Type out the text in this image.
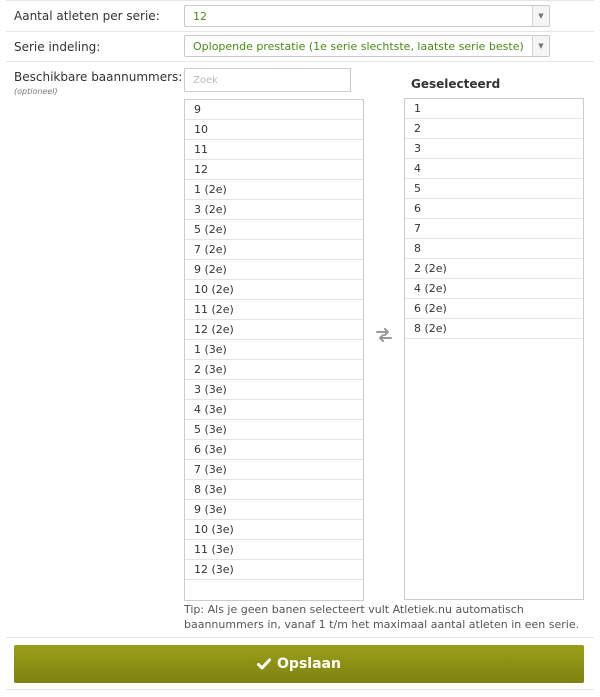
Aantal atleten per serie:	12	▼
Serie indeling:	Oplopende prestatie (1e serie slechtste, laatste serie beste) ▼
Beschikbare baannummers:
(optioneel)
Zoek
Geselecteerd
9
10
11
12
1 (2e)
3 (2e)
5 (2e)
7 (2e)
9 (2e)
10 (2e)
11 (2e)
12 (2e)
1 (3e)
2 (3e)
3 (3e)
4 (3e)
5 (3e)
6 (3e)
7 (3e)
8 (3e)
9 (3e)
10 (3e)
11 (3e)
12 (3e)
1
2
3
4
5
6
7
8
2 (2e)
4 (2e)
6 (2e)
8 (2e)
Tip: Als je geen banen selecteert vult Atletiek.nu automatisch baannummers in, vanaf 1 t/m het maximaal aantal atleten in een serie.
Opslaan
